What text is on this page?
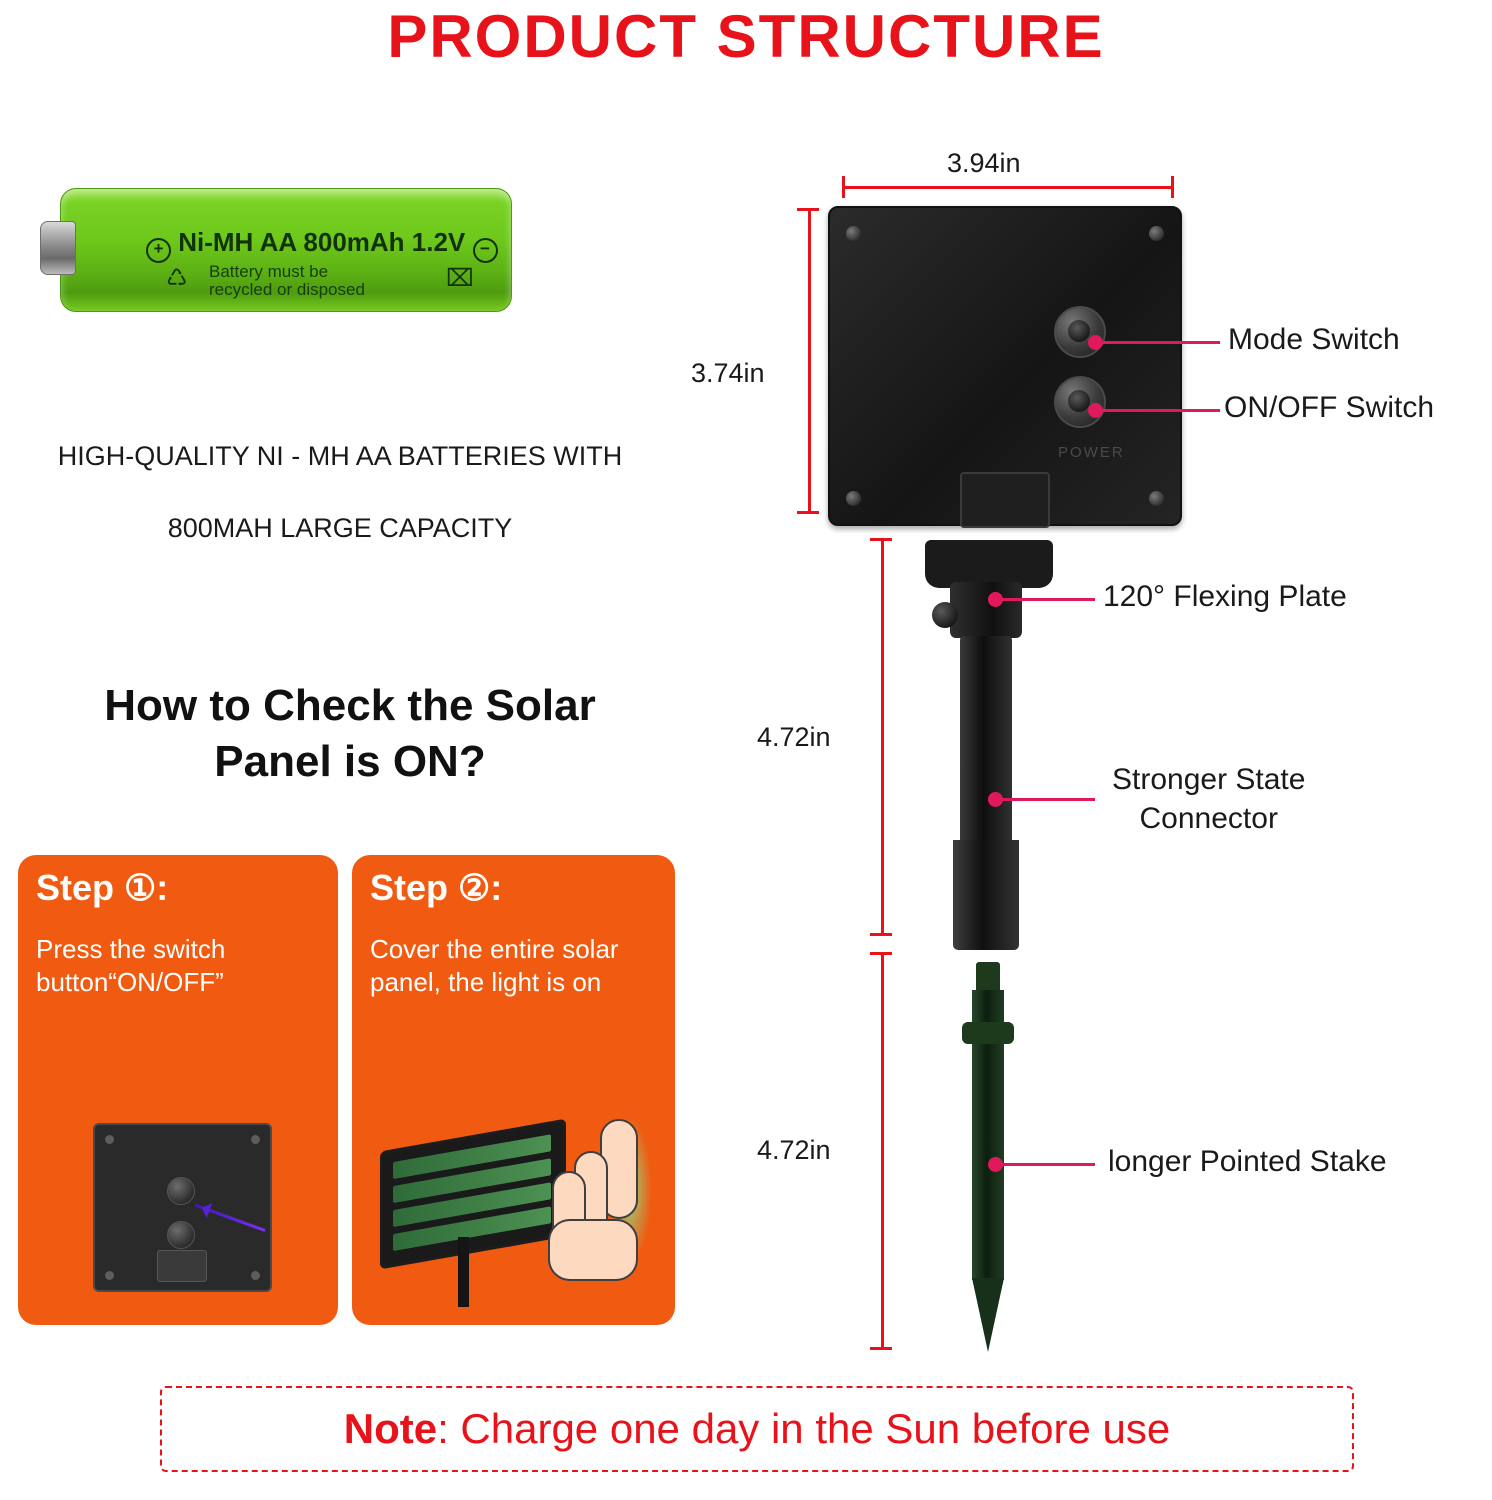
PRODUCT STRUCTURE
+ Ni-MH AA 800mAh 1.2V −
Battery must be
recycled or disposed
♺	⌧
HIGH-QUALITY NI - MH AA BATTERIES WITH
800MAH LARGE CAPACITY
How to Check the Solar
Panel is ON?
Step ①:
Press the switch button“ON/OFF”
Step ②:
Cover the entire solar panel, the light is on
Note: Charge one day in the Sun before use
POWER
3.94in
3.74in
4.72in
4.72in
Mode Switch
ON/OFF Switch
120° Flexing Plate
Stronger State
Connector
longer Pointed Stake
